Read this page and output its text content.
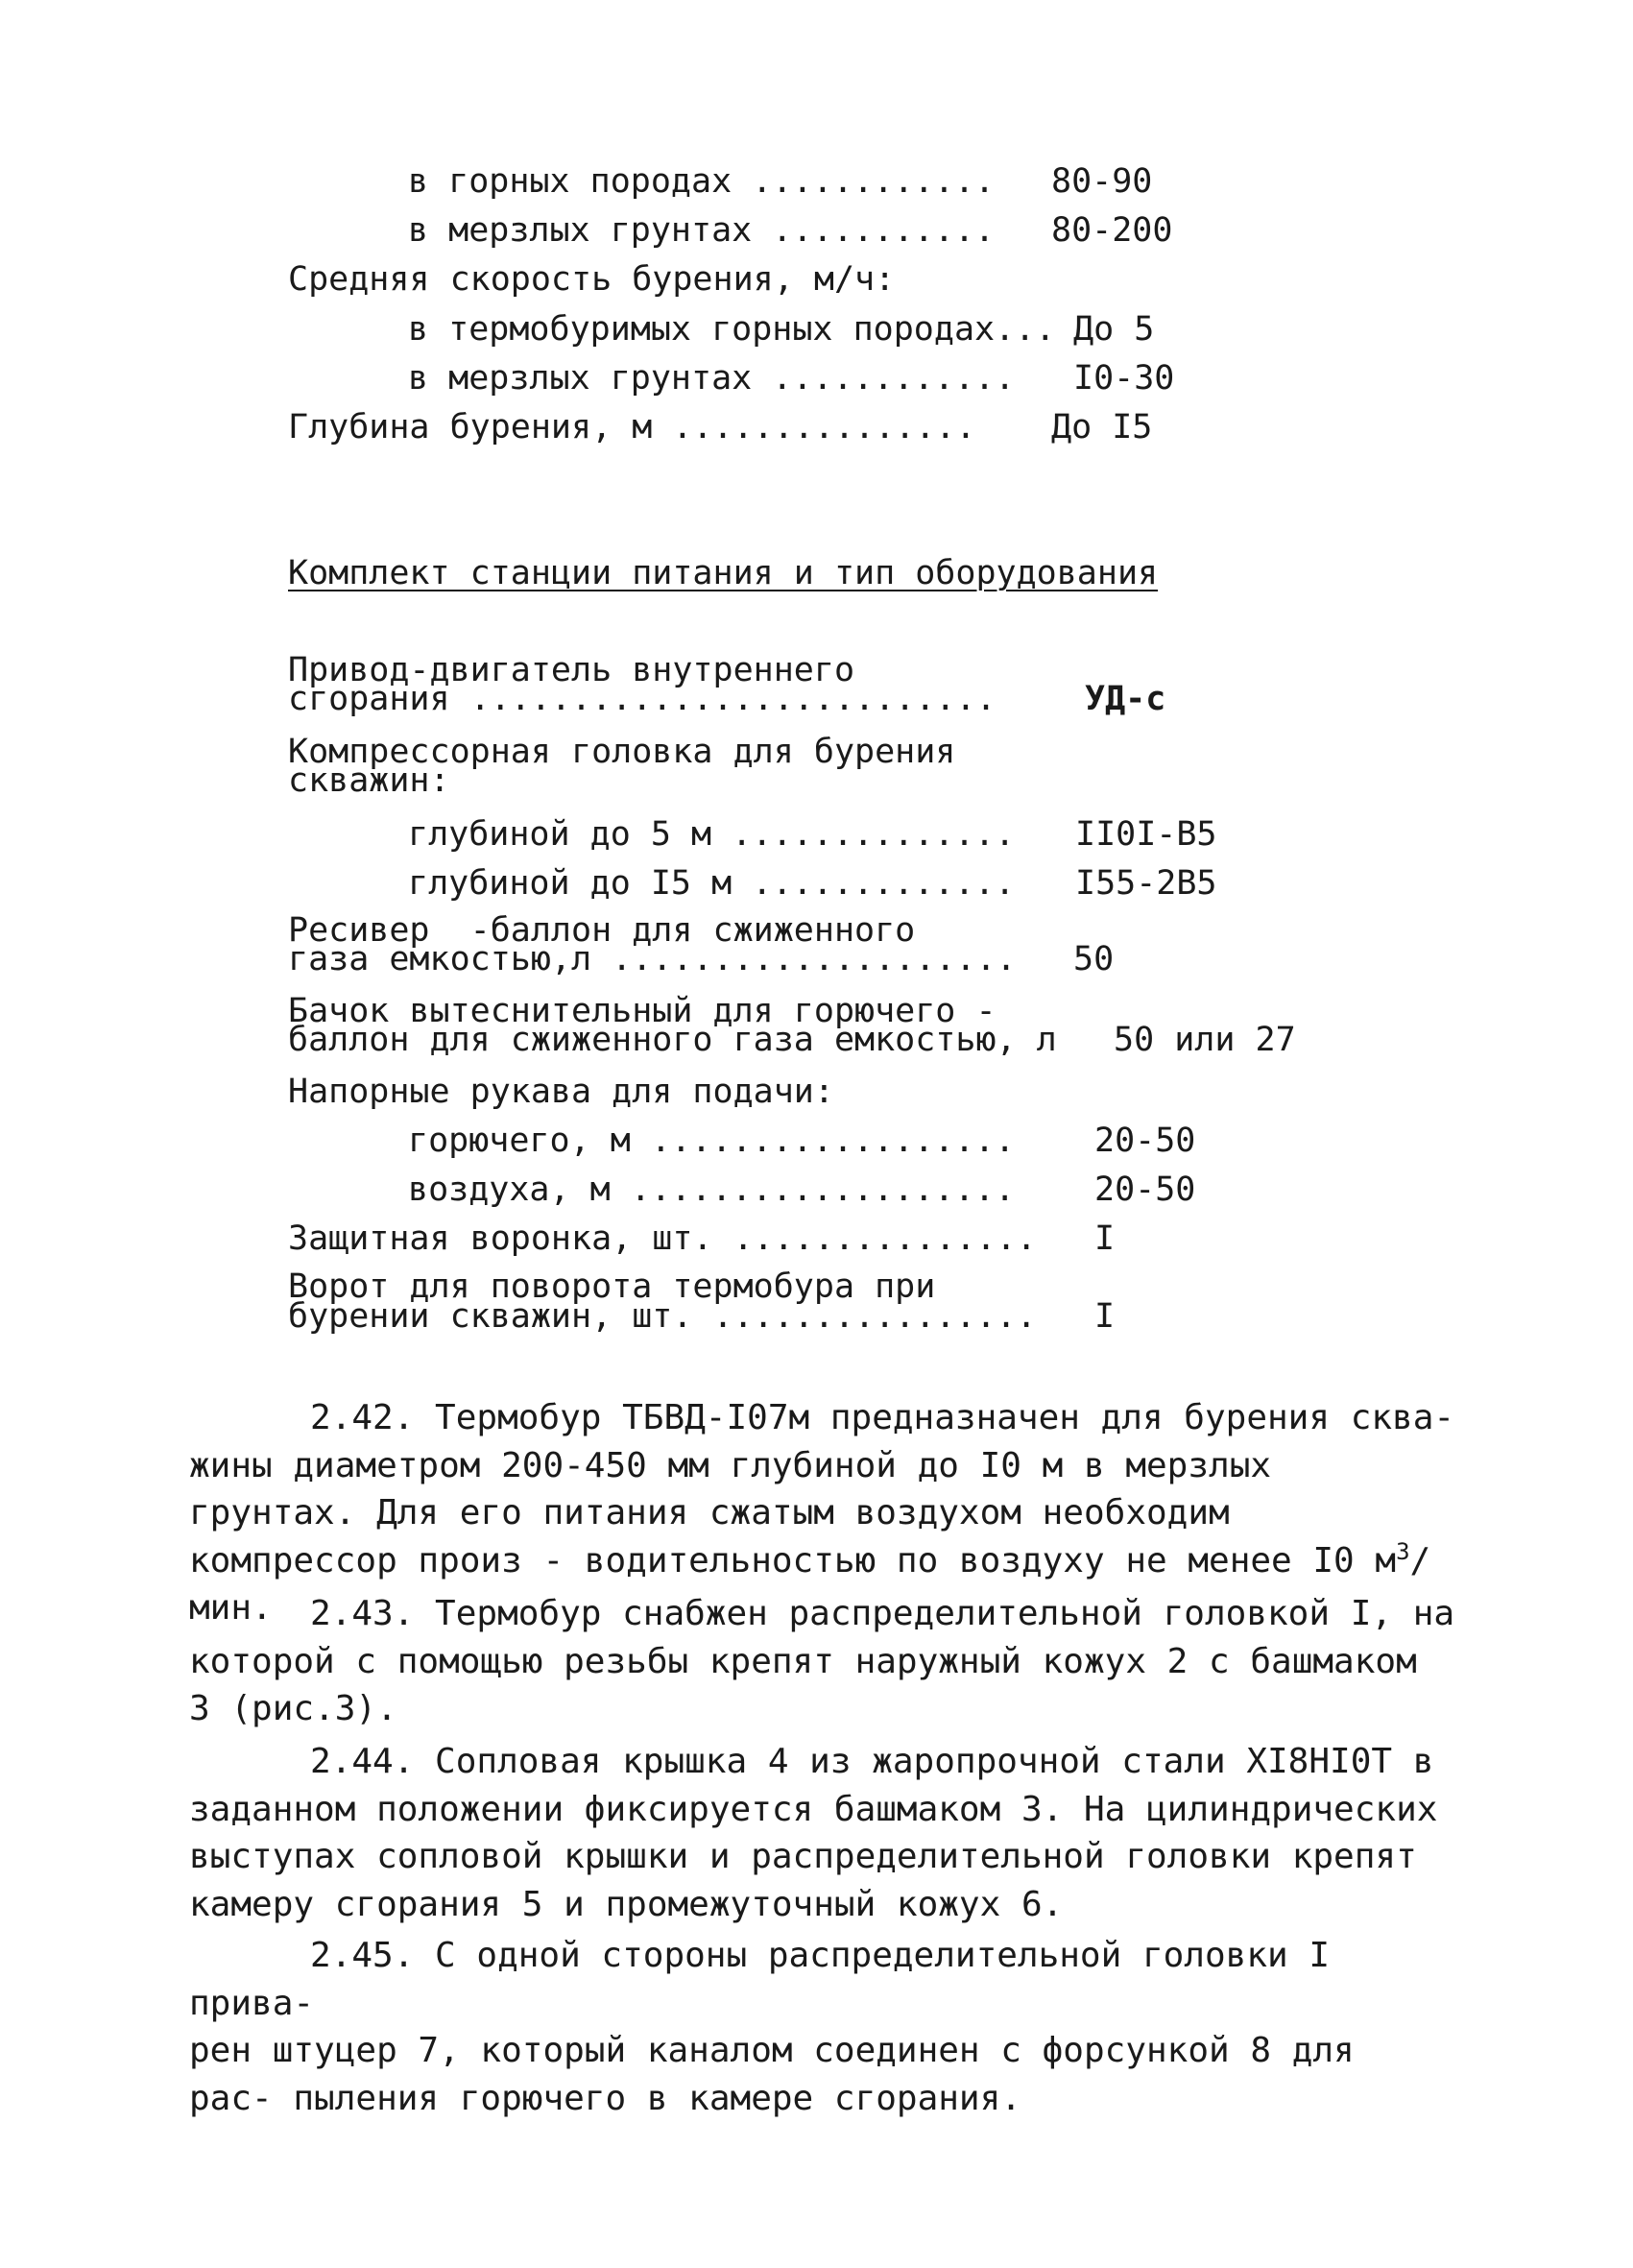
в горных породах ............ 80-90
в мерзлых грунтах ........... 80-200
Средняя скорость бурения, м/ч:
в термобуримых горных породах... До 5
в мерзлых грунтах ............ I0-30
Глубина бурения, м ............... До I5
Комплект станции питания и тип оборудования
Привод-двигатель внутреннего
сгорания ..........................	УД-с
Компрессорная головка для бурения
скважин:
глубиной до 5 м .............. II0I-В5
глубиной до I5 м ............. I55-2В5
Ресивер  -баллон для сжиженного
газа емкостью,л .................... 50
Бачок вытеснительный для горючего -
баллон для сжиженного газа емкостью, л 50 или 27
Напорные рукава для подачи:
горючего, м .................. 20-50
воздуха, м ................... 20-50
Защитная воронка, шт. ............... I
Ворот для поворота термобура при
бурении скважин, шт. ................ I
2.42. Термобур ТБВД-I07м предназначен для бурения сква-
жины диаметром 200-450 мм глубиной до I0 м в мерзлых грунтах. Для его питания сжатым воздухом необходим компрессор произ - водительностью по воздуху не менее I0 $м^3$/мин.	2.43. Термобур снабжен распределительной головкой I, на
которой с помощью резьбы крепят наружный кожух 2 с башмаком 3 (рис.3).
2.44. Сопловая крышка 4 из жаропрочной стали XI8HI0T в
заданном положении фиксируется башмаком 3. На цилиндрических выступах сопловой крышки и распределительной головки крепят камеру сгорания 5 и промежуточный кожух 6.
2.45. С одной стороны распределительной головки I прива-
рен штуцер 7, который каналом соединен с форсункой 8 для рас- пыления горючего в камере сгорания.
